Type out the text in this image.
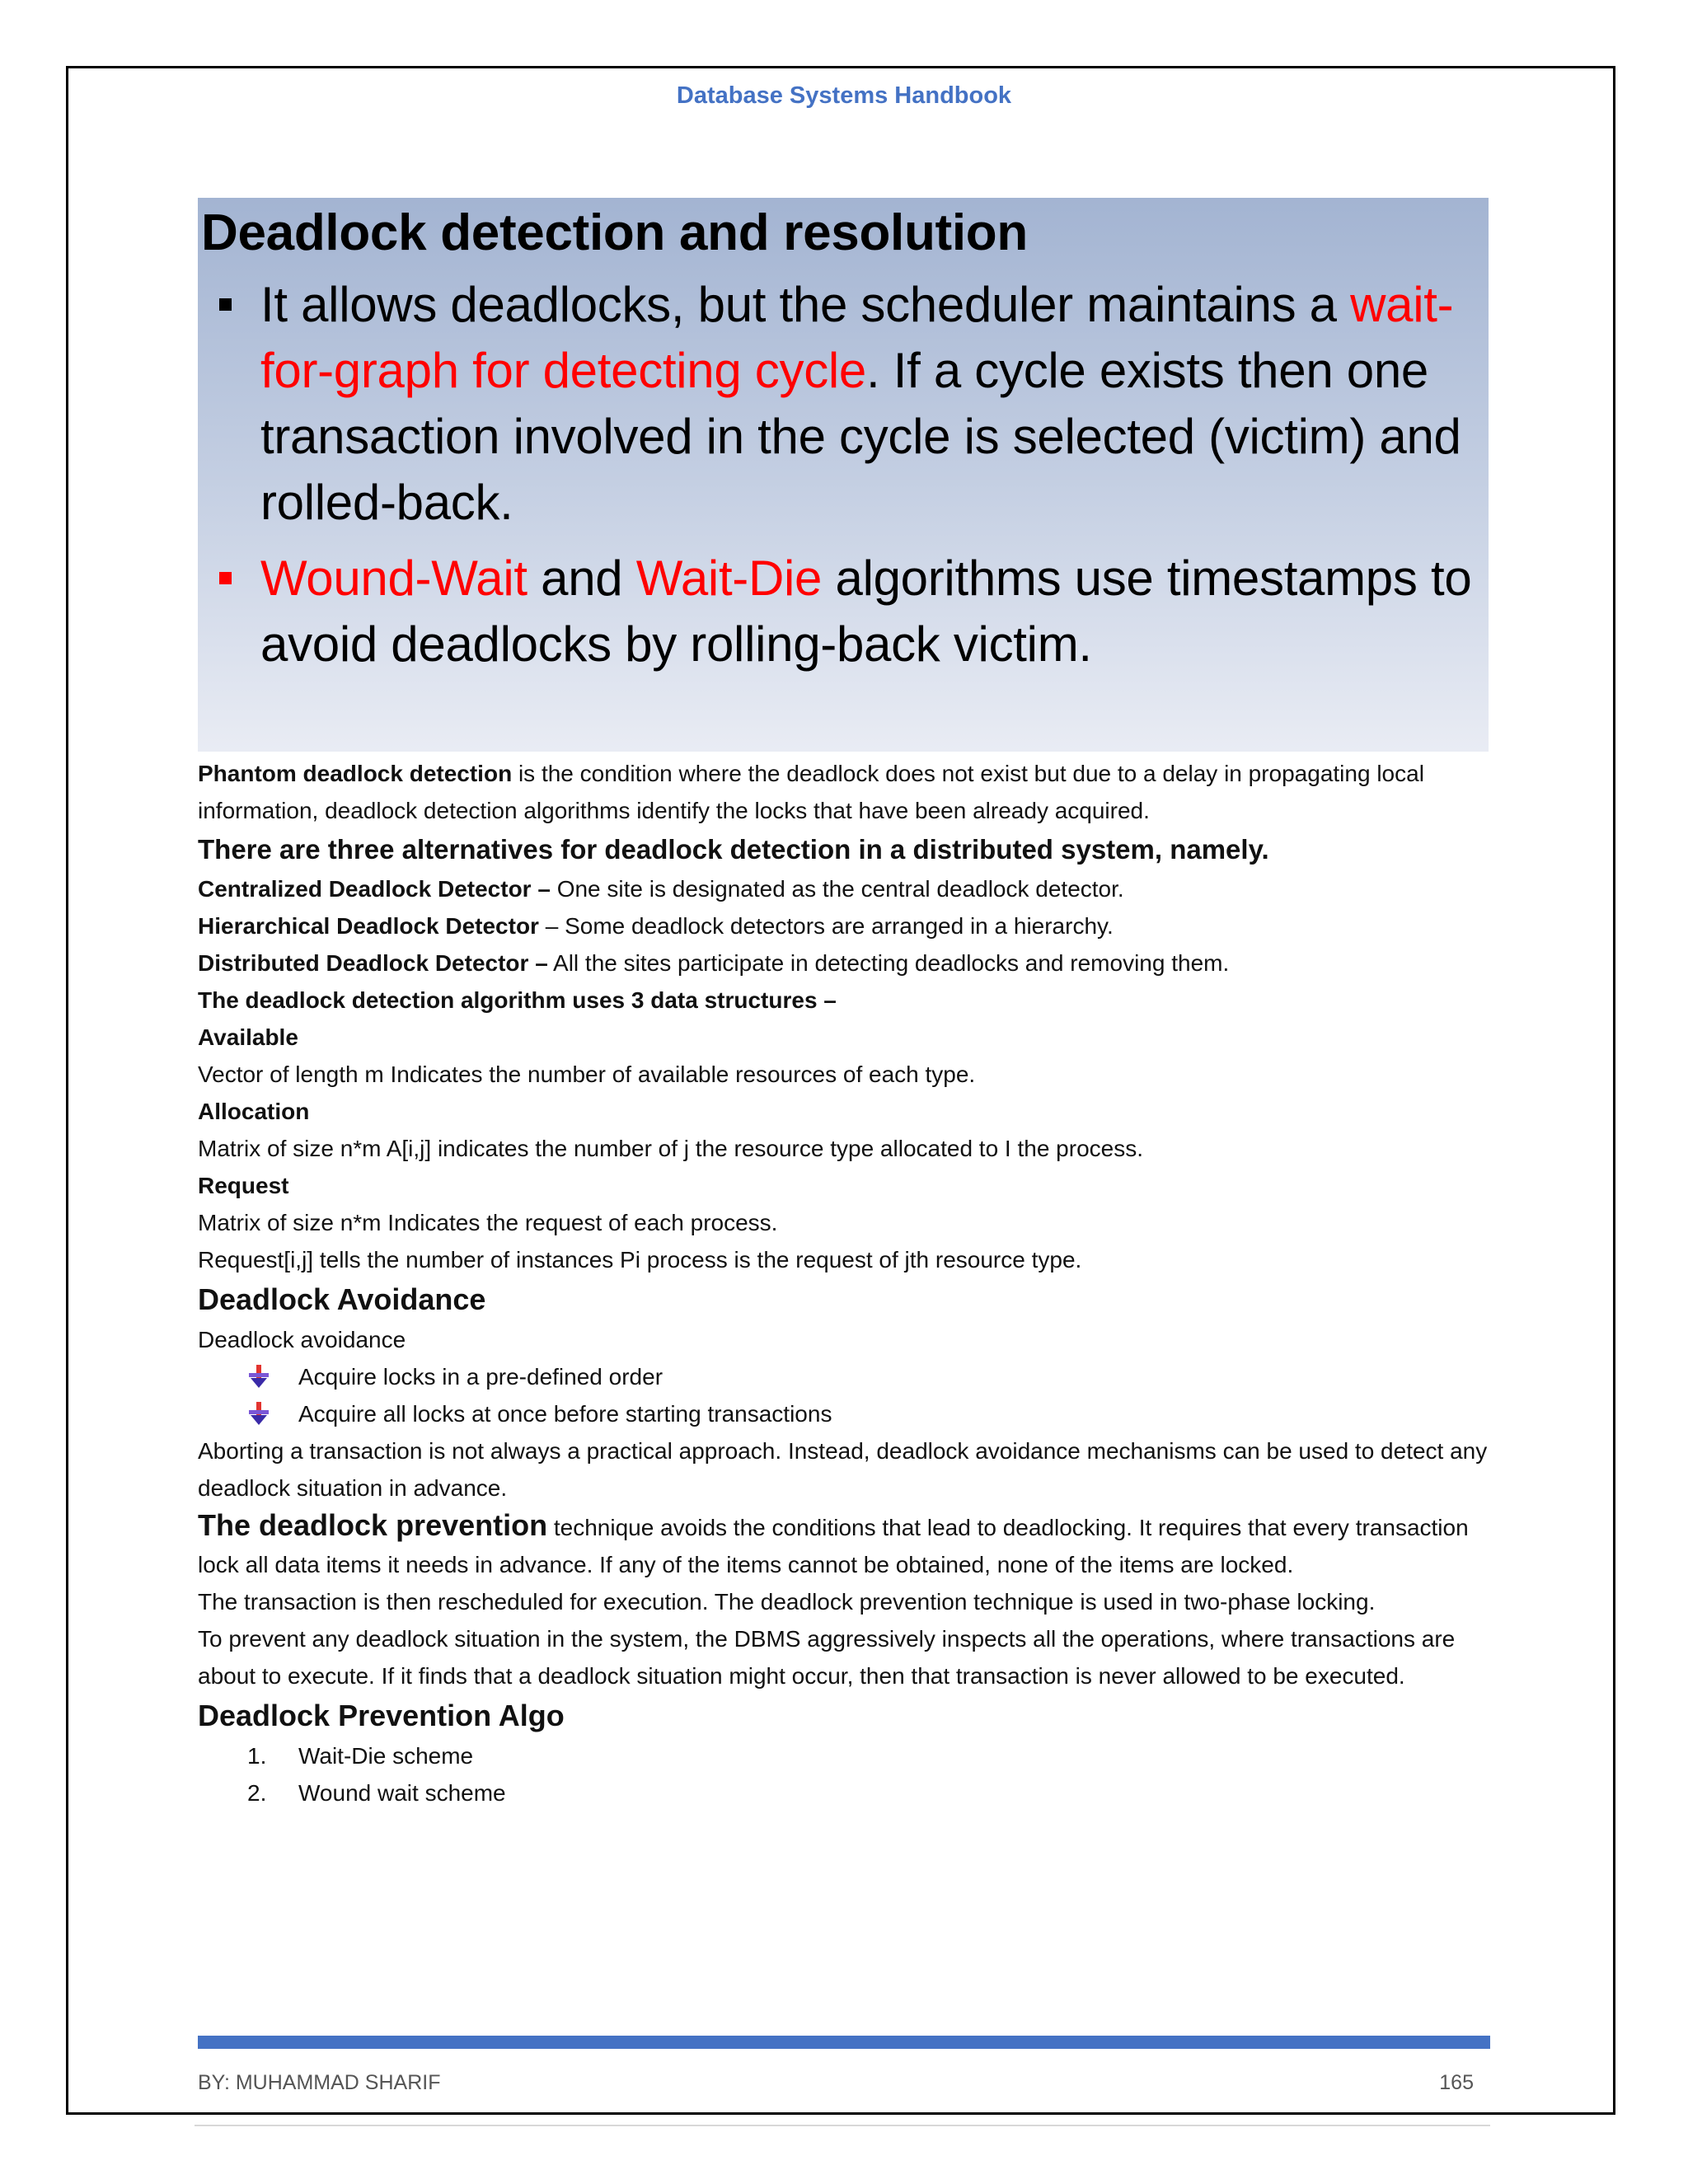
Database Systems Handbook
Deadlock detection and resolution
It allows deadlocks, but the scheduler maintains a wait-for-graph for detecting cycle. If a cycle exists then one transaction involved in the cycle is selected (victim) and rolled-back.
Wound-Wait and Wait-Die algorithms use timestamps to avoid deadlocks by rolling-back victim.

Phantom deadlock detection is the condition where the deadlock does not exist but due to a delay in propagating local information, deadlock detection algorithms identify the locks that have been already acquired.

There are three alternatives for deadlock detection in a distributed system, namely.

Centralized Deadlock Detector – One site is designated as the central deadlock detector.

Hierarchical Deadlock Detector – Some deadlock detectors are arranged in a hierarchy.

Distributed Deadlock Detector – All the sites participate in detecting deadlocks and removing them.

The deadlock detection algorithm uses 3 data structures –

Available

Vector of length m Indicates the number of available resources of each type.

Allocation

Matrix of size n*m A[i,j] indicates the number of j the resource type allocated to I the process.

Request

Matrix of size n*m Indicates the request of each process.

Request[i,j] tells the number of instances Pi process is the request of jth resource type.

Deadlock Avoidance

Deadlock avoidance

Acquire locks in a pre-defined order
Acquire all locks at once before starting transactions

Aborting a transaction is not always a practical approach. Instead, deadlock avoidance mechanisms can be used to detect any deadlock situation in advance.

The deadlock prevention technique avoids the conditions that lead to deadlocking. It requires that every transaction lock all data items it needs in advance. If any of the items cannot be obtained, none of the items are locked.

The transaction is then rescheduled for execution. The deadlock prevention technique is used in two-phase locking.

To prevent any deadlock situation in the system, the DBMS aggressively inspects all the operations, where transactions are about to execute. If it finds that a deadlock situation might occur, then that transaction is never allowed to be executed.

Deadlock Prevention Algo

1. Wait-Die scheme
2. Wound wait scheme
BY: MUHAMMAD SHARIF	165
